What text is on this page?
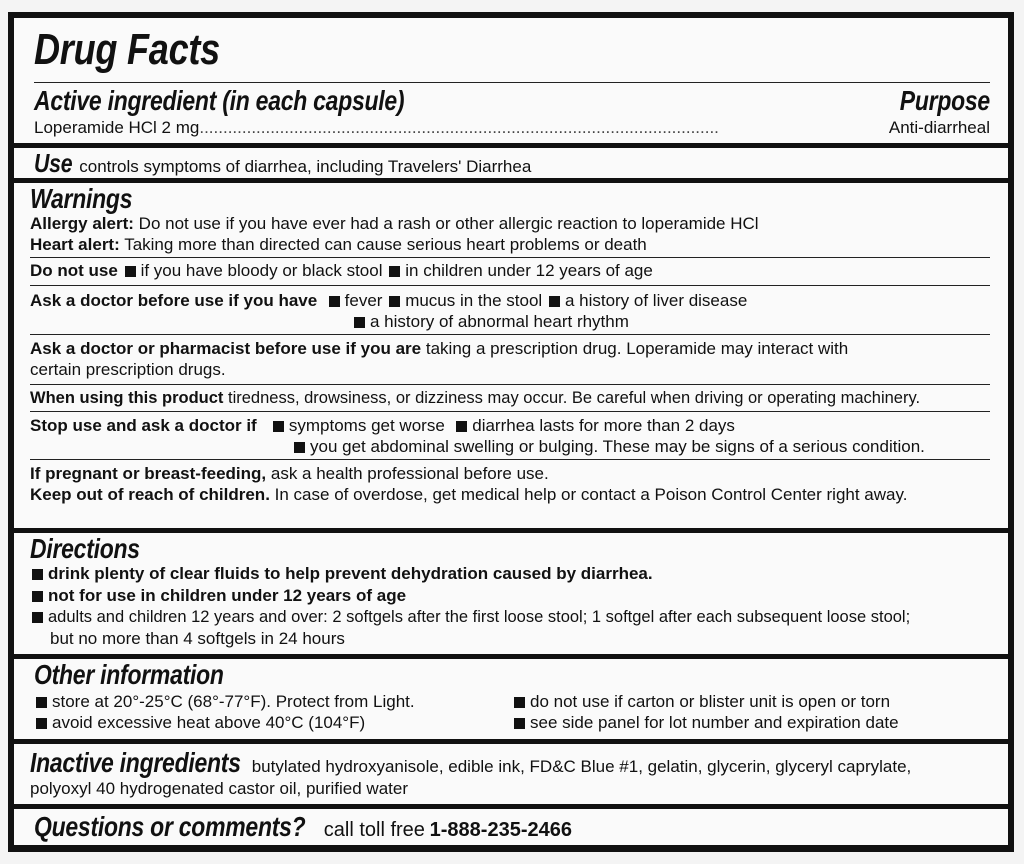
Drug Facts
Active ingredient (in each capsule)	Purpose
Loperamide HCl 2 mg ..............................................................................................................	Anti-diarrheal
Use controls symptoms of diarrhea, including Travelers' Diarrhea
Warnings
Allergy alert: Do not use if you have ever had a rash or other allergic reaction to loperamide HCl
Heart alert: Taking more than directed can cause serious heart problems or death
Do not use if you have bloody or black stool in children under 12 years of age
Ask a doctor before use if you have fever mucus in the stool a history of liver disease
a history of abnormal heart rhythm
Ask a doctor or pharmacist before use if you are taking a prescription drug. Loperamide may interact with
certain prescription drugs.
When using this product tiredness, drowsiness, or dizziness may occur. Be careful when driving or operating machinery.
Stop use and ask a doctor if symptoms get worse diarrhea lasts for more than 2 days
you get abdominal swelling or bulging. These may be signs of a serious condition.
If pregnant or breast-feeding, ask a health professional before use.
Keep out of reach of children. In case of overdose, get medical help or contact a Poison Control Center right away.
Directions
drink plenty of clear fluids to help prevent dehydration caused by diarrhea.
not for use in children under 12 years of age
adults and children 12 years and over: 2 softgels after the first loose stool; 1 softgel after each subsequent loose stool;
but no more than 4 softgels in 24 hours
Other information
store at 20°-25°C (68°-77°F). Protect from Light.	do not use if carton or blister unit is open or torn
avoid excessive heat above 40°C (104°F)	see side panel for lot number and expiration date
Inactive ingredients butylated hydroxyanisole, edible ink, FD&C Blue #1, gelatin, glycerin, glyceryl caprylate,
polyoxyl 40 hydrogenated castor oil, purified water
Questions or comments? call toll free 1-888-235-2466
